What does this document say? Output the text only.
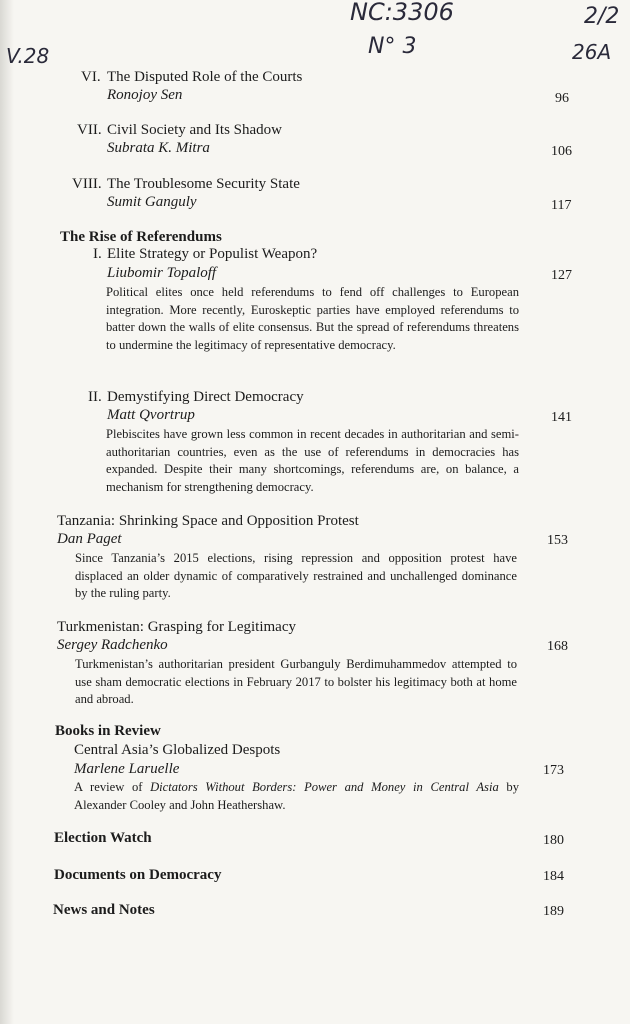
V.28
NC:3306
N° 3
2/2
26A
VI. The Disputed Role of the Courts
Ronojoy Sen	96
VII. Civil Society and Its Shadow
Subrata K. Mitra	106
VIII. The Troublesome Security State
Sumit Ganguly	117
The Rise of Referendums
I. Elite Strategy or Populist Weapon?
Liubomir Topaloff	127
Political elites once held referendums to fend off challenges to European integration. More recently, Euroskeptic parties have employed referendums to batter down the walls of elite consensus. But the spread of referendums threatens to undermine the legitimacy of representative democracy.
II. Demystifying Direct Democracy
Matt Qvortrup	141
Plebiscites have grown less common in recent decades in authoritarian and semi-authoritarian countries, even as the use of referendums in democracies has expanded. Despite their many shortcomings, referendums are, on balance, a mechanism for strengthening democracy.
Tanzania: Shrinking Space and Opposition Protest
Dan Paget	153
Since Tanzania’s 2015 elections, rising repression and opposition protest have displaced an older dynamic of comparatively restrained and unchallenged dominance by the ruling party.
Turkmenistan: Grasping for Legitimacy
Sergey Radchenko	168
Turkmenistan’s authoritarian president Gurbanguly Berdimuhammedov attempted to use sham democratic elections in February 2017 to bolster his legitimacy both at home and abroad.
Books in Review
Central Asia’s Globalized Despots
Marlene Laruelle	173
A review of Dictators Without Borders: Power and Money in Central Asia by Alexander Cooley and John Heathershaw.
Election Watch	180
Documents on Democracy	184
News and Notes	189
